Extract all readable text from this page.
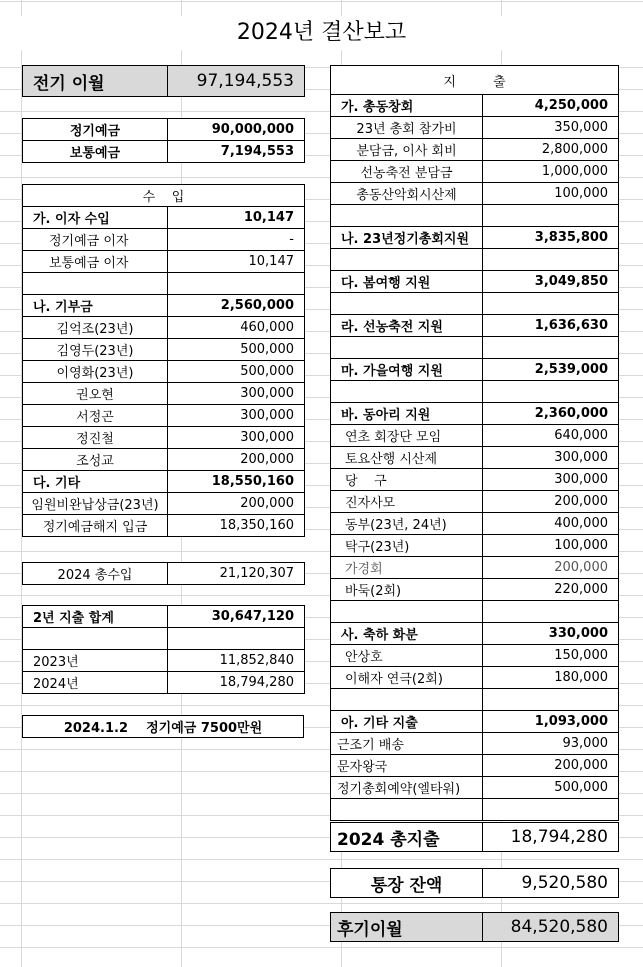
2024년 결산보고
전기 이월	97,194,553
정기예금	90,000,000
보통예금	7,194,553
수    입	
가. 이자 수입	10,147
정기예금 이자	-
보통예금 이자	10,147

나. 기부금	2,560,000
김억조(23년)	460,000
김영두(23년)	500,000
이영화(23년)	500,000
권오현	300,000
서정곤	300,000
정진철	300,000
조성교	200,000
다. 기타	18,550,160
임원비완납상금(23년)	200,000
정기예금해지 입금	18,350,160
2024 총수입	21,120,307
2년 지출 합계	30,647,120

2023년	11,852,840
2024년	18,794,280
2024.1.2    정기예금 7500만원
지         출	
가. 총동창회	4,250,000
23년 총회 참가비	350,000
분담금, 이사 회비	2,800,000
선농축전 분담금	1,000,000
총동산악회시산제	100,000

나. 23년정기총회지원	3,835,800

다. 봄여행 지원	3,049,850

라. 선농축전 지원	1,636,630

마. 가을여행 지원	2,539,000

바. 동아리 지원	2,360,000
연초 회장단 모임	640,000
토요산행 시산제	300,000
당    구	300,000
진자사모	200,000
동부(23년, 24년)	400,000
탁구(23년)	100,000
가경회	200,000
바둑(2회)	220,000

사. 축하 화분	330,000
안상호	150,000
이해자 연극(2회)	180,000

아. 기타 지출	1,093,000
근조기 배송	93,000
문자왕국	200,000
정기총회예약(엘타워)	500,000

2024 총지출	18,794,280
통장 잔액	9,520,580
후기이월	84,520,580
